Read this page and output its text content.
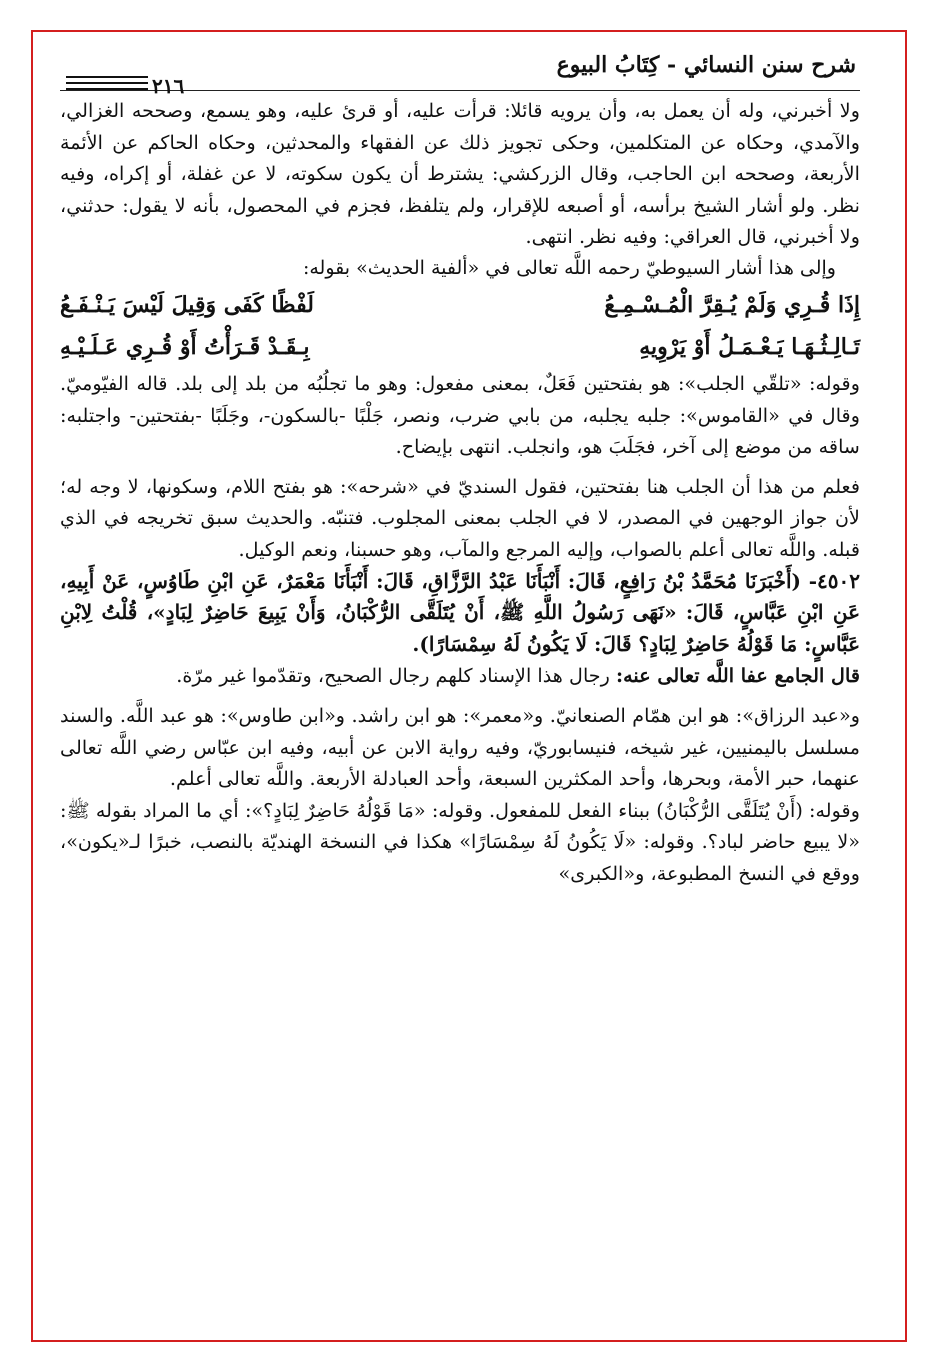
شرح سنن النسائي - كِتَابُ البيوع
٢١٦

ولا أخبرني، وله أن يعمل به، وأن يرويه قائلا: قرأت عليه، أو قرئ عليه، وهو يسمع، وصححه الغزالي، والآمدي، وحكاه عن المتكلمين، وحكى تجويز ذلك عن الفقهاء والمحدثين، وحكاه الحاكم عن الأئمة الأربعة، وصححه ابن الحاجب، وقال الزركشي: يشترط أن يكون سكوته، لا عن غفلة، أو إكراه، وفيه نظر. ولو أشار الشيخ برأسه، أو أصبعه للإقرار، ولم يتلفظ، فجزم في المحصول، بأنه لا يقول: حدثني، ولا أخبرني، قال العراقي: وفيه نظر. انتهى.

وإلى هذا أشار السيوطيّ رحمه اللَّه تعالى في «ألفية الحديث» بقوله:

إِذَا قُـرِي وَلَمْ يُـقِرَّ الْمُـسْـمِـعُ
لَفْظًا كَفَى وَقِيلَ لَيْسَ يَـنْـفَـعُ
تَـالِـثُـهَـا يَـعْـمَـلُ أَوْ يَرْوِيهِ
بِـقَـدْ قَـرَأْتُ أَوْ قُـرِي عَـلَـيْـهِ

وقوله: «تلقّي الجلب»: هو بفتحتين فَعَلٌ، بمعنى مفعول: وهو ما تجلُبُه من بلد إلى بلد. قاله الفيّوميّ. وقال في «القاموس»: جلبه يجلبه، من بابي ضرب، ونصر، جَلْبًا -بالسكون-، وجَلَبًا -بفتحتين- واجتلبه: ساقه من موضع إلى آخر، فجَلَبَ هو، وانجلب. انتهى بإيضاح.

فعلم من هذا أن الجلب هنا بفتحتين، فقول السنديّ في «شرحه»: هو بفتح اللام، وسكونها، لا وجه له؛ لأن جواز الوجهين في المصدر، لا في الجلب بمعنى المجلوب. فتنبّه. والحديث سبق تخريجه في الذي قبله. واللَّه تعالى أعلم بالصواب، وإليه المرجع والمآب، وهو حسبنا، ونعم الوكيل.

٤٥٠٢- (أَخْبَرَنَا مُحَمَّدُ بْنُ رَافِعٍ، قَالَ: أَنْبَأَنَا عَبْدُ الرَّزَّاقِ، قَالَ: أَنْبَأَنَا مَعْمَرٌ، عَنِ ابْنِ طَاوُسٍ، عَنْ أَبِيهِ، عَنِ ابْنِ عَبَّاسٍ، قَالَ: «نَهَى رَسُولُ اللَّهِ ﷺ، أَنْ يُتَلَقَّى الرُّكْبَانُ، وَأَنْ يَبِيعَ حَاضِرٌ لِبَادٍ»، قُلْتُ لِابْنِ عَبَّاسٍ: مَا قَوْلُهُ حَاضِرٌ لِبَادٍ؟ قَالَ: لَا يَكُونُ لَهُ سِمْسَارًا).

قال الجامع عفا اللَّه تعالى عنه: رجال هذا الإسناد كلهم رجال الصحيح، وتقدّموا غير مرّة.

و«عبد الرزاق»: هو ابن همّام الصنعانيّ. و«معمر»: هو ابن راشد. و«ابن طاوس»: هو عبد اللَّه. والسند مسلسل باليمنيين، غير شيخه، فنيسابوريّ، وفيه رواية الابن عن أبيه، وفيه ابن عبّاس رضي اللَّه تعالى عنهما، حبر الأمة، وبحرها، وأحد المكثرين السبعة، وأحد العبادلة الأربعة. واللَّه تعالى أعلم.

وقوله: (أَنْ يُتَلَقَّى الرُّكْبَانُ) ببناء الفعل للمفعول. وقوله: «مَا قَوْلُهُ حَاضِرٌ لِبَادٍ؟»: أي ما المراد بقوله ﷺ: «لا يبيع حاضر لباد؟. وقوله: «لَا يَكُونُ لَهُ سِمْسَارًا» هكذا في النسخة الهنديّة بالنصب، خبرًا لـ«يكون»، ووقع في النسخ المطبوعة، و«الكبرى»
